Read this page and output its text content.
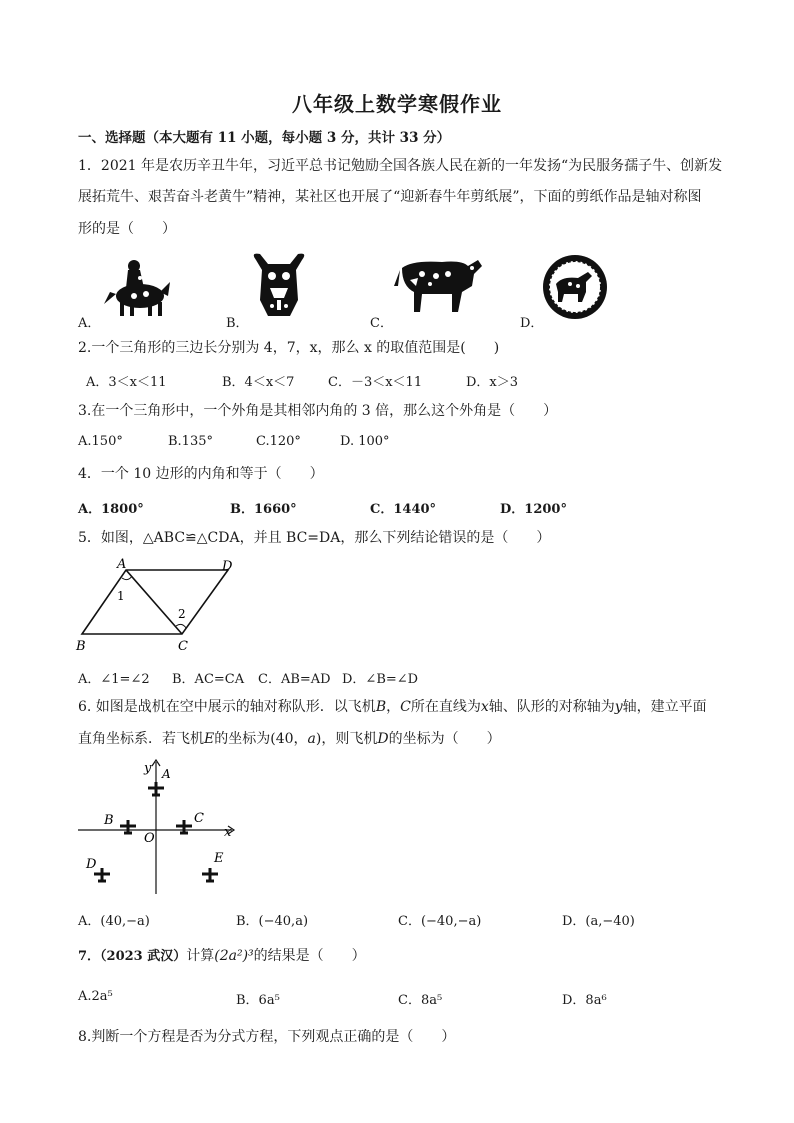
八年级上数学寒假作业
一、选择题（本大题有 11 小题，每小题 3 分，共计 33 分）
1．2021 年是农历辛丑牛年，习近平总书记勉励全国各族人民在新的一年发扬“为民服务孺子牛、创新发
展拓荒牛、艰苦奋斗老黄牛”精神，某社区也开展了“迎新春牛年剪纸展”，下面的剪纸作品是轴对称图
形的是（　　）
A．	B．	C．	D．
2.一个三角形的三边长分别为 4，7，x，那么 x 的取值范围是(　　)
A．3＜x＜11	B．4＜x＜7	C．－3＜x＜11	D．x＞3
3.在一个三角形中，一个外角是其相邻内角的 3 倍，那么这个外角是（　　）
A.150°	B.135°	C.120°	D. 100°
4．一个 10 边形的内角和等于（　　）
A．1800°	B．1660°	C．1440°	D．1200°
5．如图，△ABC≌△CDA，并且 BC=DA，那么下列结论错误的是（　　）
A	D
B	C
1
2
A．∠1=∠2 B．AC=CA C．AB=AD D．∠B=∠D
6. 如图是战机在空中展示的轴对称队形．以飞机B，C所在直线为x轴、队形的对称轴为y轴，建立平面
直角坐标系．若飞机E的坐标为(40，a)，则飞机D的坐标为（　　）
y A
B	C
O	x
D	E
A．(40,−a)	B．(−40,a)	C．(−40,−a)	D．(a,−40)
7．（2023 武汉）计算(2a²)³的结果是（　　）
A.2a⁵	B．6a⁵	C．8a⁵	D．8a⁶
8.判断一个方程是否为分式方程，下列观点正确的是（　　）
